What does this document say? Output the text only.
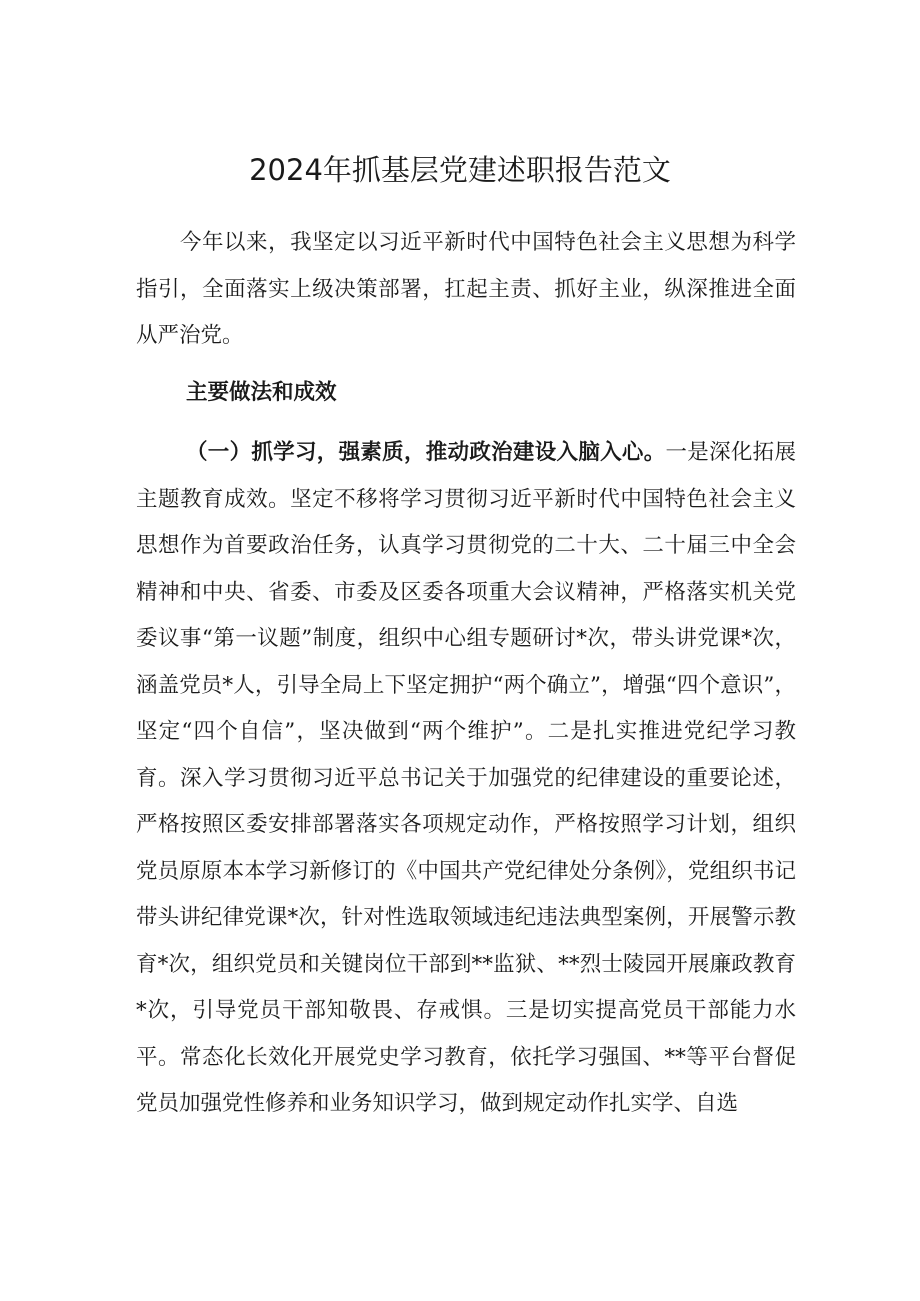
2024年抓基层党建述职报告范文

今年以来，我坚定以习近平新时代中国特色社会主义思想为科学指引，全面落实上级决策部署，扛起主责、抓好主业，纵深推进全面从严治党。

主要做法和成效

（一）抓学习，强素质，推动政治建设入脑入心。一是深化拓展主题教育成效。坚定不移将学习贯彻习近平新时代中国特色社会主义思想作为首要政治任务，认真学习贯彻党的二十大、二十届三中全会精神和中央、省委、市委及区委各项重大会议精神，严格落实机关党委议事“第一议题”制度，组织中心组专题研讨*次，带头讲党课*次，涵盖党员*人，引导全局上下坚定拥护“两个确立”，增强“四个意识”，坚定“四个自信”，坚决做到“两个维护”。二是扎实推进党纪学习教育。深入学习贯彻习近平总书记关于加强党的纪律建设的重要论述，严格按照区委安排部署落实各项规定动作，严格按照学习计划，组织党员原原本本学习新修订的《中国共产党纪律处分条例》，党组织书记带头讲纪律党课*次，针对性选取领域违纪违法典型案例，开展警示教育*次，组织党员和关键岗位干部到**监狱、**烈士陵园开展廉政教育*次，引导党员干部知敬畏、存戒惧。三是切实提高党员干部能力水平。常态化长效化开展党史学习教育，依托学习强国、**等平台督促党员加强党性修养和业务知识学习，做到规定动作扎实学、自选
